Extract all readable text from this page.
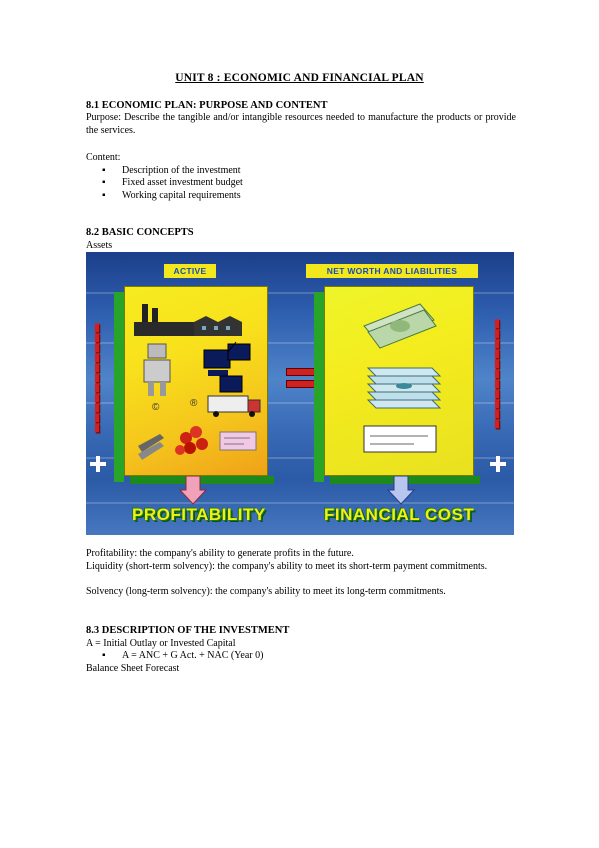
UNIT 8 : ECONOMIC AND FINANCIAL PLAN
8.1 ECONOMIC PLAN: PURPOSE AND CONTENT
Purpose: Describe the tangible and/or intangible resources needed to manufacture the products or provide the services.
Content:
▪ Description of the investment
▪ Fixed asset investment budget
▪ Working capital requirements
8.2 BASIC CONCEPTS
Assets
ACTIVE	NET WORTH AND LIABILITIES
©	®
▮
▮
▮
▮
▮
▮
▮
▮
▮
▮
▮
▮
▮
▮
▮
▮
▮
▮
▮
▮
▮
▮
PROFITABILITY	FINANCIAL COST
Profitability: the company's ability to generate profits in the future.
Liquidity (short-term solvency): the company's ability to meet its short-term payment commitments.
Solvency (long-term solvency): the company's ability to meet its long-term commitments.
8.3 DESCRIPTION OF THE INVESTMENT
A = Initial Outlay or Invested Capital
▪ A = ANC + G Act. + NAC (Year 0)
Balance Sheet Forecast
